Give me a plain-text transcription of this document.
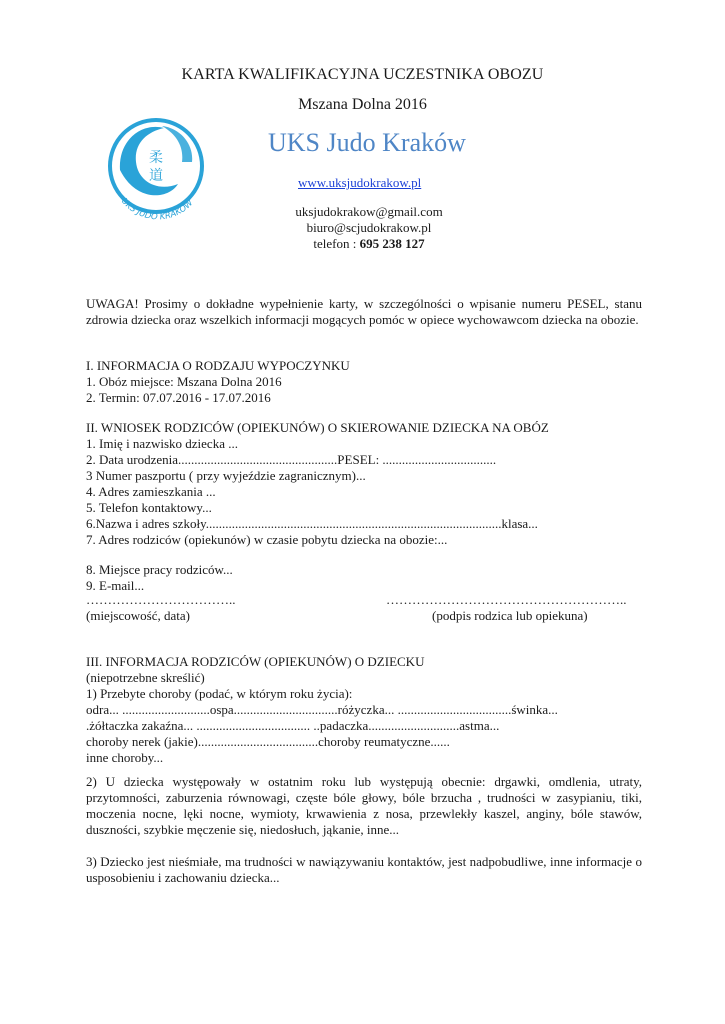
KARTA KWALIFIKACYJNA UCZESTNIKA OBOZU
Mszana Dolna 2016
柔
道
UKS JUDO KRAKÓW
UKS Judo Kraków
www.uksjudokrakow.pl
uksjudokrakow@gmail.com
biuro@scjudokrakow.pl
telefon : 695 238 127
UWAGA! Prosimy o dokładne wypełnienie karty, w szczególności o wpisanie numeru PESEL, stanu zdrowia dziecka oraz wszelkich informacji mogących pomóc w opiece wychowawcom dziecka na obozie.
I. INFORMACJA O RODZAJU WYPOCZYNKU
1. Obóz miejsce: Mszana Dolna 2016
2. Termin: 07.07.2016 - 17.07.2016
II. WNIOSEK RODZICÓW (OPIEKUNÓW) O SKIEROWANIE DZIECKA NA OBÓZ
1. Imię i nazwisko dziecka ...
2. Data urodzenia.................................................PESEL: ...................................
3 Numer paszportu ( przy wyjeździe zagranicznym)...
4. Adres zamieszkania ...
5. Telefon kontaktowy...
6.Nazwa i adres szkoły...........................................................................................klasa...
7. Adres rodziców (opiekunów) w czasie pobytu dziecka na obozie:...
8. Miejsce pracy rodziców...
9. E-mail...
……………………………..	………………………………………………..
(miejscowość, data)	(podpis rodzica lub opiekuna)
III. INFORMACJA RODZICÓW (OPIEKUNÓW) O DZIECKU
(niepotrzebne skreślić)
1) Przebyte choroby (podać, w którym roku życia):
odra... ...........................ospa................................różyczka... ...................................świnka...
.żółtaczka zakaźna... ................................... ..padaczka............................astma...
choroby nerek (jakie).....................................choroby reumatyczne......
inne choroby...
2) U dziecka występowały w ostatnim roku lub występują obecnie: drgawki, omdlenia, utraty, przytomności, zaburzenia równowagi, częste bóle głowy, bóle brzucha , trudności w zasypianiu, tiki, moczenia nocne, lęki nocne, wymioty, krwawienia z nosa, przewlekły kaszel, anginy, bóle stawów, duszności, szybkie męczenie się, niedosłuch, jąkanie, inne...
3) Dziecko jest nieśmiałe, ma trudności w nawiązywaniu kontaktów, jest nadpobudliwe, inne informacje o usposobieniu i zachowaniu dziecka...
